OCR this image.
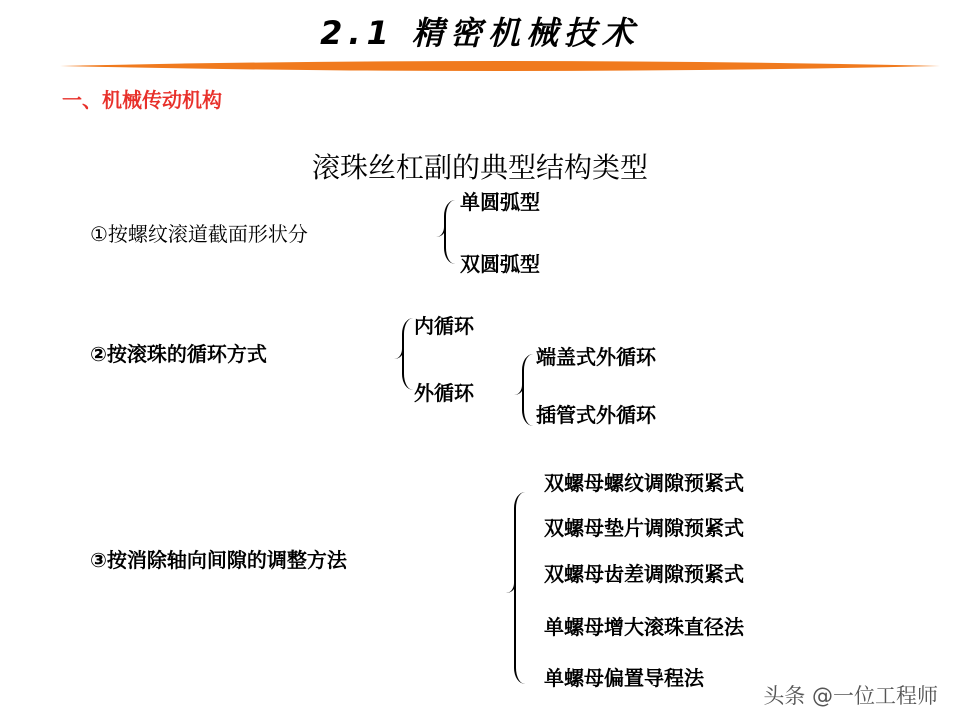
2.1 精密机械技术
一、机械传动机构
滚珠丝杠副的典型结构类型
①按螺纹滚道截面形状分
单圆弧型
双圆弧型
②按滚珠的循环方式
内循环
外循环
端盖式外循环
插管式外循环
③按消除轴向间隙的调整方法
双螺母螺纹调隙预紧式
双螺母垫片调隙预紧式
双螺母齿差调隙预紧式
单螺母增大滚珠直径法
单螺母偏置导程法
头条 @一位工程师
